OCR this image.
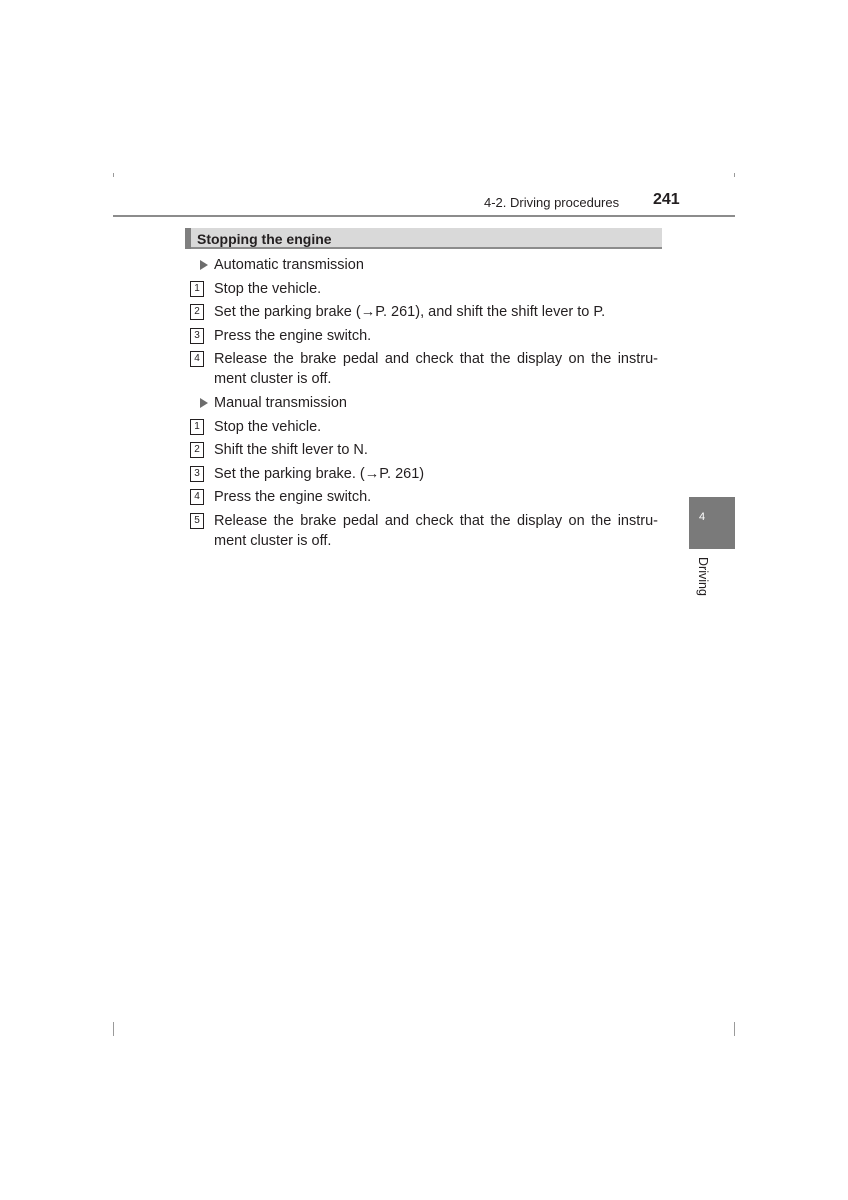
4-2. Driving procedures 241
Stopping the engine
Automatic transmission
1 Stop the vehicle.
2 Set the parking brake (→P. 261), and shift the shift lever to P.
3 Press the engine switch.
4 Release the brake pedal and check that the display on the instru-ment cluster is off.
Manual transmission
1 Stop the vehicle.
2 Shift the shift lever to N.
3 Set the parking brake. (→P. 261)
4 Press the engine switch.
5 Release the brake pedal and check that the display on the instru-ment cluster is off.
4
Driving
